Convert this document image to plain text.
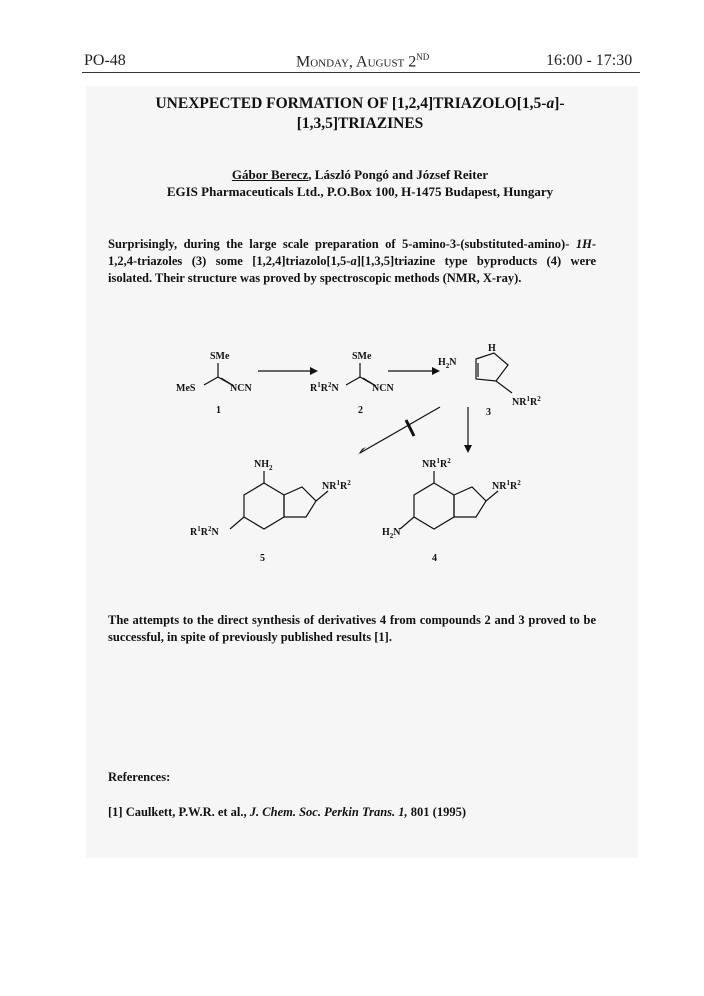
PO-48	Monday, August 2ND	16:00 - 17:30
UNEXPECTED FORMATION OF [1,2,4]TRIAZOLO[1,5-a]-
[1,3,5]TRIAZINES
Gábor Berecz, László Pongó and József Reiter
EGIS Pharmaceuticals Ltd., P.O.Box 100, H-1475 Budapest, Hungary
Surprisingly, during the large scale preparation of 5-amino-3-(substituted-amino)- 1H-1,2,4-triazoles (3) some [1,2,4]triazolo[1,5-a][1,3,5]triazine type byproducts (4) were isolated. Their structure was proved by spectroscopic methods (NMR, X-ray).
SMe
MeS	NCN
1
SMe
$R^1R^2N$	NCN
2
$H_2N$
H
$NR^1R^2$
3
$NH_2$
$NR^1R^2$
$R^1R^2N$
5
$NR^1R^2$
$NR^1R^2$
$H_2N$
4
The attempts to the direct synthesis of derivatives 4 from compounds 2 and 3 proved to be successful, in spite of previously published results [1].
References:
[1] Caulkett, P.W.R. et al., J. Chem. Soc. Perkin Trans. 1, 801 (1995)
